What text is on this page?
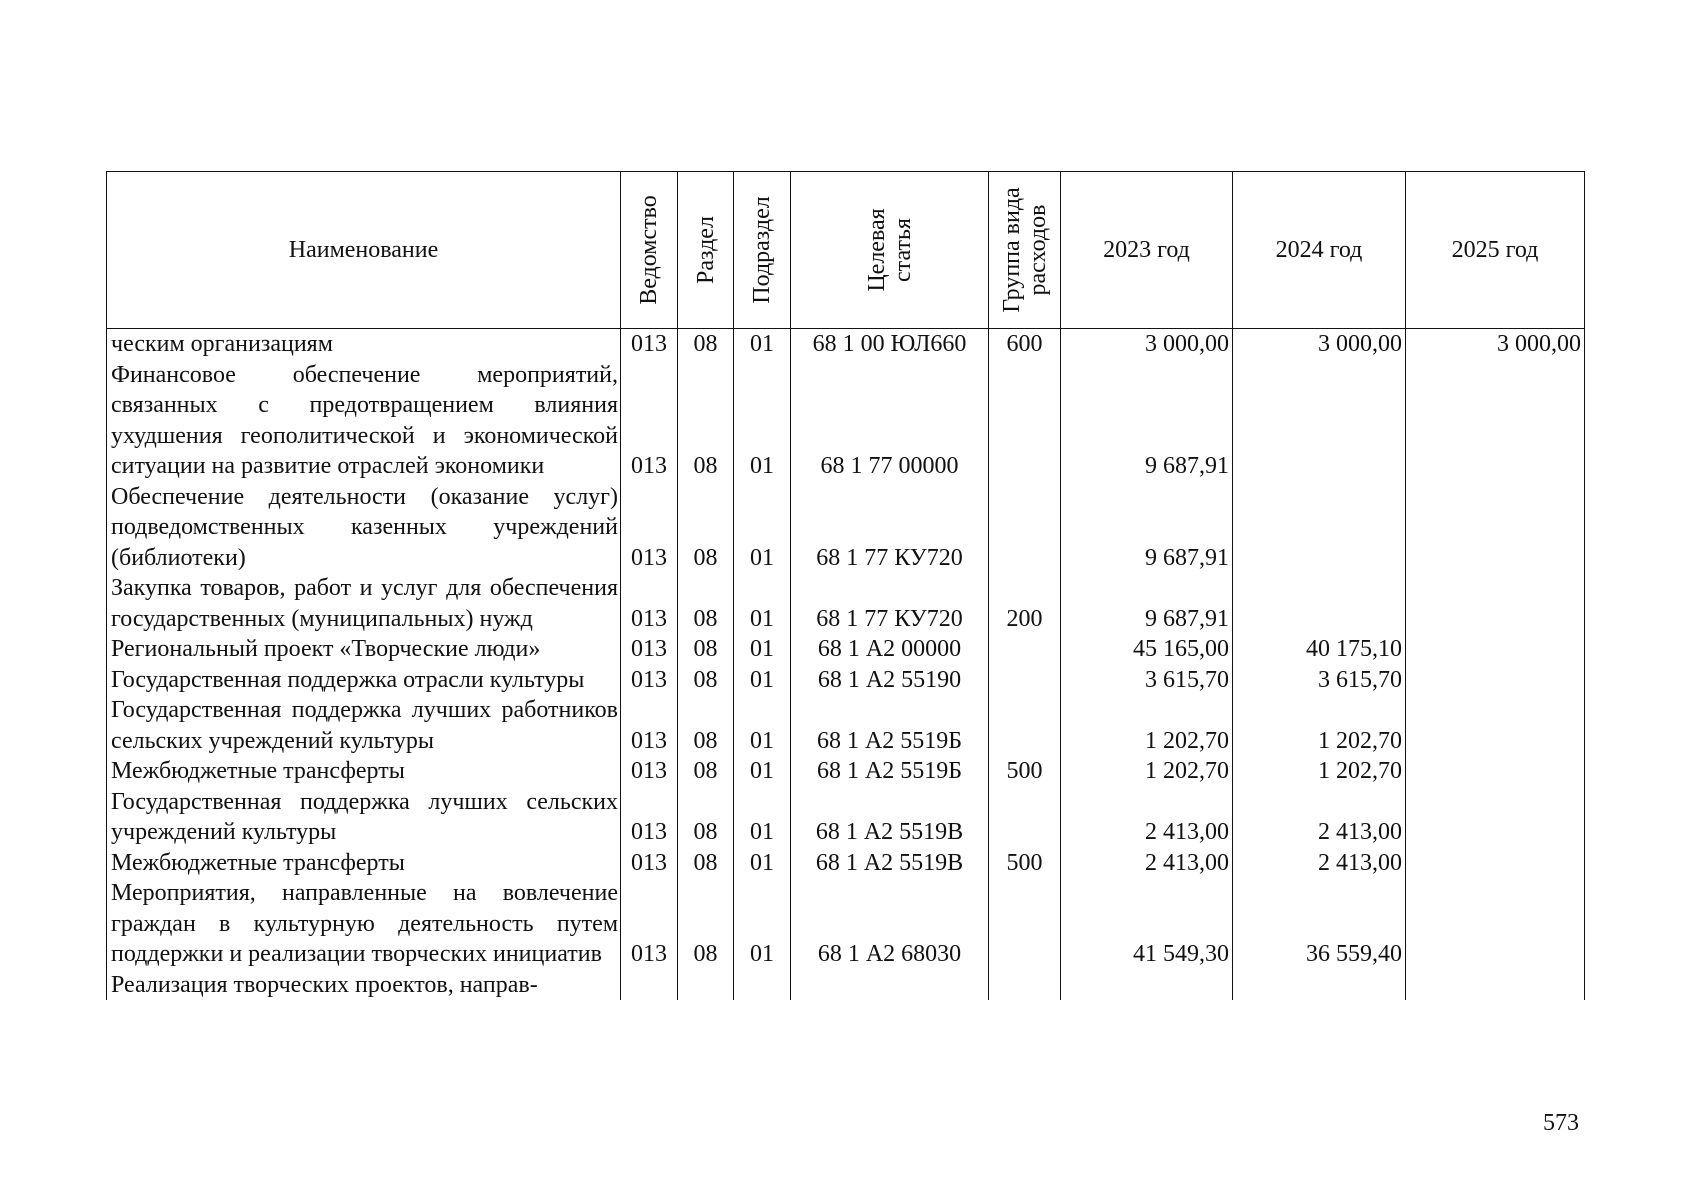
Наименование	Ведомство	Раздел	Подраздел	Целевая статья	Группа вида расходов	2023 год	2024 год	2025 год
ческим организациям	013	08	01	68 1 00 ЮЛ660	600	3 000,00	3 000,00	3 000,00
Финансовое обеспечение мероприятий, связанных с предотвращением влияния ухудшения геополитической и экономической ситуации на развитие отраслей экономики	013	08	01	68 1 77 00000		9 687,91		
Обеспечение деятельности (оказание услуг) подведомственных казенных учреждений (библиотеки)	013	08	01	68 1 77 КУ720		9 687,91		
Закупка товаров, работ и услуг для обеспечения государственных (муниципальных) нужд	013	08	01	68 1 77 КУ720	200	9 687,91		
Региональный проект «Творческие люди»	013	08	01	68 1 А2 00000		45 165,00	40 175,10	
Государственная поддержка отрасли культуры	013	08	01	68 1 А2 55190		3 615,70	3 615,70	
Государственная поддержка лучших работников сельских учреждений культуры	013	08	01	68 1 А2 5519Б		1 202,70	1 202,70	
Межбюджетные трансферты	013	08	01	68 1 А2 5519Б	500	1 202,70	1 202,70	
Государственная поддержка лучших сельских учреждений культуры	013	08	01	68 1 А2 5519В		2 413,00	2 413,00	
Межбюджетные трансферты	013	08	01	68 1 А2 5519В	500	2 413,00	2 413,00	
Мероприятия, направленные на вовлечение граждан в культурную деятельность путем поддержки и реализации творческих инициатив	013	08	01	68 1 А2 68030		41 549,30	36 559,40	
Реализация творческих проектов, направ-								
573
